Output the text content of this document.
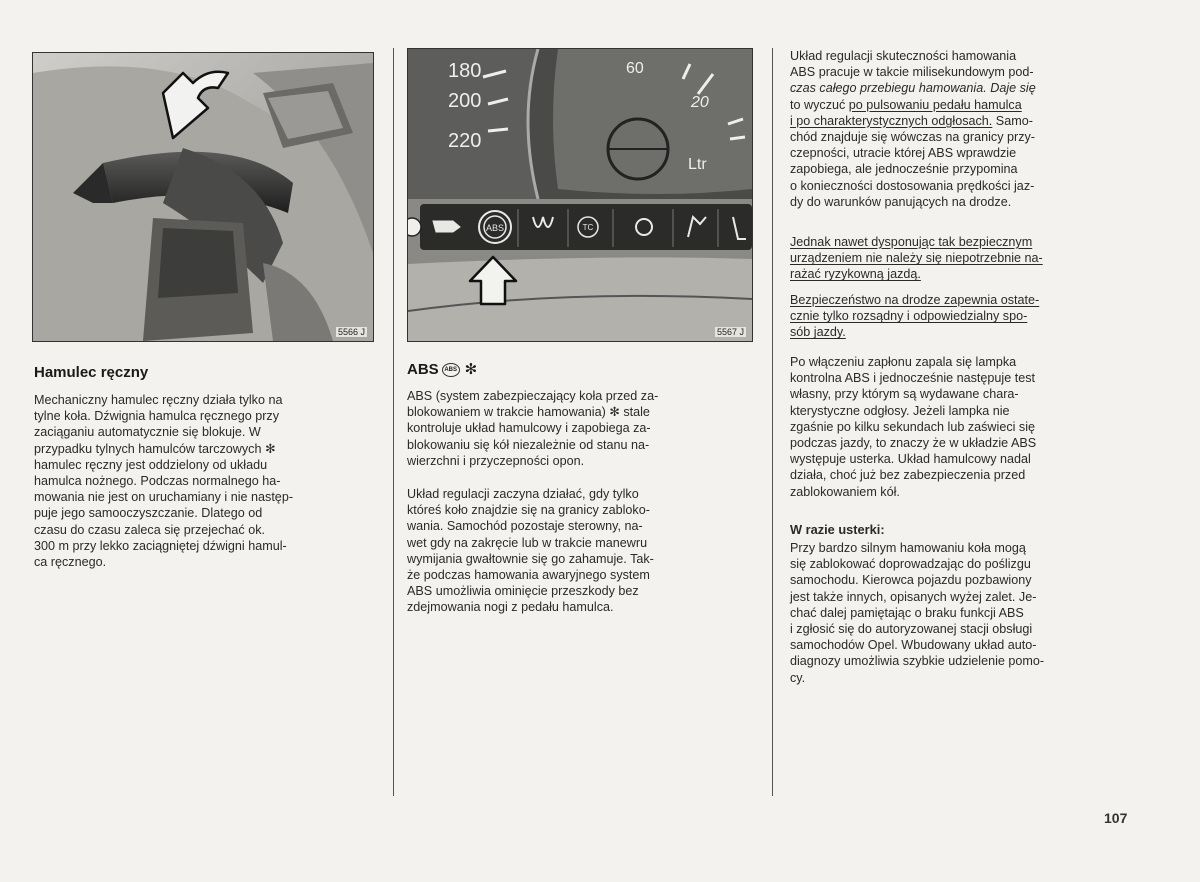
5566 J
180
200
220
60
20
Ltr
ABS	TC
5567 J
Hamulec ręczny

Mechaniczny hamulec ręczny działa tylko na
tylne koła. Dźwignia hamulca ręcznego przy
zaciąganiu automatycznie się blokuje. W
przypadku tylnych hamulców tarczowych ✻
hamulec ręczny jest oddzielony od układu
hamulca nożnego. Podczas normalnego ha-
mowania nie jest on uruchamiany i nie następ-
puje jego samooczyszczanie. Dlatego od
czasu do czasu zaleca się przejechać ok.
300 m przy lekko zaciągniętej dźwigni hamul-
ca ręcznego.

ABS ABS ✻

ABS (system zabezpieczający koła przed za-
blokowaniem w trakcie hamowania) ✻ stale
kontroluje układ hamulcowy i zapobiega za-
blokowaniu się kół niezależnie od stanu na-
wierzchni i przyczepności opon.

Układ regulacji zaczyna działać, gdy tylko
któreś koło znajdzie się na granicy zabloko-
wania. Samochód pozostaje sterowny, na-
wet gdy na zakręcie lub w trakcie manewru
wymijania gwałtownie się go zahamuje. Tak-
że podczas hamowania awaryjnego system
ABS umożliwia ominięcie przeszkody bez
zdejmowania nogi z pedału hamulca.

Układ regulacji skuteczności hamowania
ABS pracuje w takcie milisekundowym pod-
czas całego przebiegu hamowania. Daje się
to wyczuć po pulsowaniu pedału hamulca
i po charakterystycznych odgłosach. Samo-
chód znajduje się wówczas na granicy przy-
czepności, utracie której ABS wprawdzie
zapobiega, ale jednocześnie przypomina
o konieczności dostosowania prędkości jaz-
dy do warunków panujących na drodze.

Jednak nawet dysponując tak bezpiecznym
urządzeniem nie należy się niepotrzebnie na-
rażać ryzykowną jazdą.

Bezpieczeństwo na drodze zapewnia ostate-
cznie tylko rozsądny i odpowiedzialny spo-
sób jazdy.

Po włączeniu zapłonu zapala się lampka
kontrolna ABS i jednocześnie następuje test
własny, przy którym są wydawane chara-
kterystyczne odgłosy. Jeżeli lampka nie
zgaśnie po kilku sekundach lub zaświeci się
podczas jazdy, to znaczy że w układzie ABS
występuje usterka. Układ hamulcowy nadal
działa, choć już bez zabezpieczenia przed
zablokowaniem kół.

W razie usterki:

Przy bardzo silnym hamowaniu koła mogą
się zablokować doprowadzając do poślizgu
samochodu. Kierowca pojazdu pozbawiony
jest także innych, opisanych wyżej zalet. Je-
chać dalej pamiętając o braku funkcji ABS
i zgłosić się do autoryzowanej stacji obsługi
samochodów Opel. Wbudowany układ auto-
diagnozy umożliwia szybkie udzielenie pomo-
cy.

107
